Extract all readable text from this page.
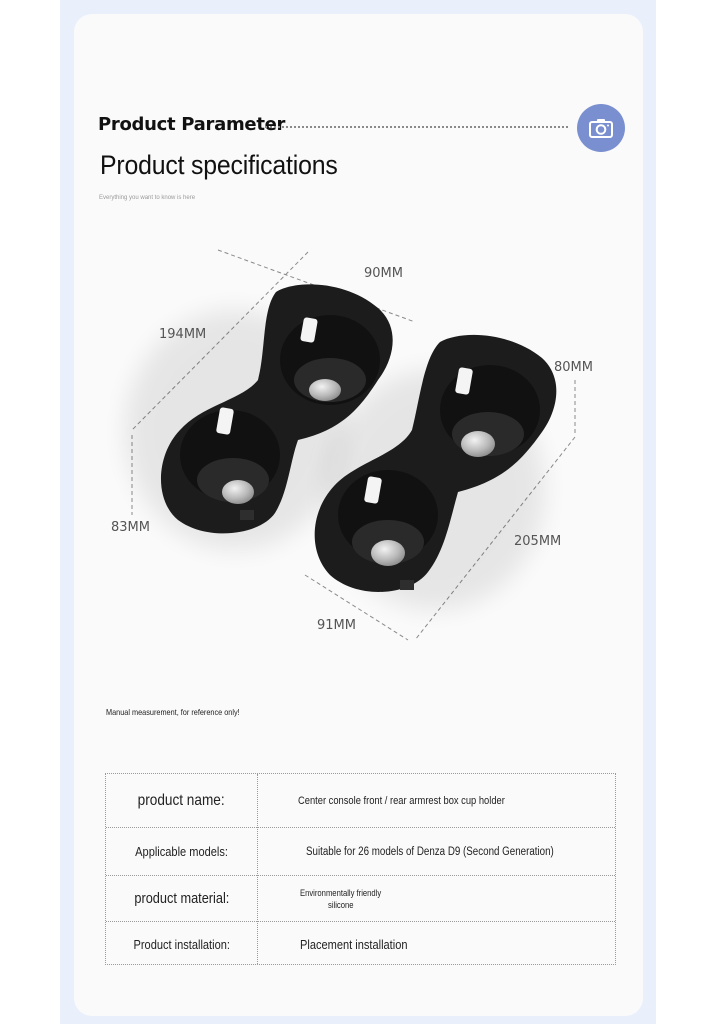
Product Parameter
Product specifications
Everything you want to know is here
90MM
194MM
80MM
83MM
205MM
91MM
Manual measurement, for reference only!
product name:	Center console front / rear armrest box cup holder
Applicable models:	Suitable for 26 models of Denza D9 (Second Generation)
product material:	Environmentally friendly
silicone
Product installation:	Placement installation
